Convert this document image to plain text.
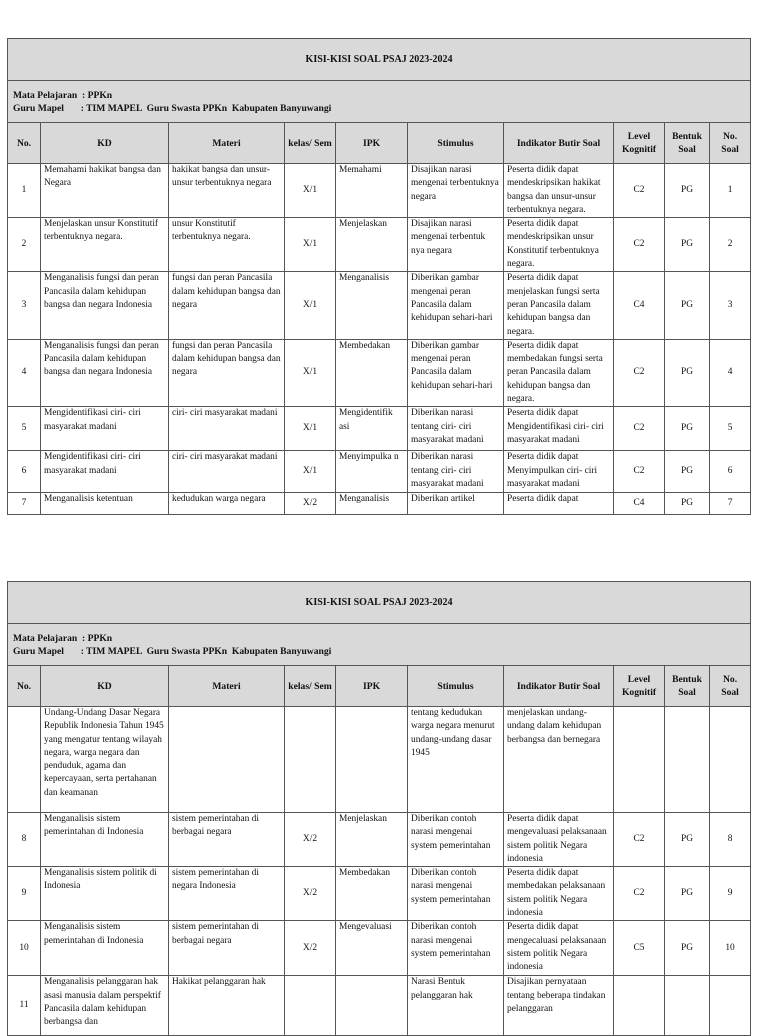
KISI-KISI SOAL PSAJ 2023-2024									

Mata Pelajaran  : PPKn
Guru Mapel       : TIM MAPEL  Guru Swasta PPKn  Kabupaten Banyuwangi									

No.	KD	Materi	kelas/ Sem	IPK	Stimulus	Indikator Butir Soal	Level Kognitif	Bentuk Soal	No. Soal
1	Memahami hakikat bangsa dan Negara	hakikat bangsa dan unsur-unsur terbentuknya negara	X/1	Memahami	Disajikan narasi mengenai terbentuknya negara	Peserta didik dapat mendeskripsikan hakikat bangsa dan unsur-unsur terbentuknya negara.	C2	PG	1
2	Menjelaskan unsur Konstitutif terbentuknya negara.	unsur Konstitutif terbentuknya negara.	X/1	Menjelaskan	Disajikan narasi mengenai terbentuk nya negara	Peserta didik dapat mendeskripsikan unsur Konstitutif terbentuknya negara.	C2	PG	2
3	Menganalisis fungsi dan peran Pancasila dalam kehidupan bangsa dan negara Indonesia	fungsi dan peran Pancasila dalam kehidupan bangsa dan negara	X/1	Menganalisis	Diberikan gambar mengenai peran Pancasila dalam kehidupan sehari-hari	Peserta didik dapat menjelaskan fungsi serta peran Pancasila dalam kehidupan bangsa dan negara.	C4	PG	3
4	Menganalisis fungsi dan peran Pancasila dalam kehidupan bangsa dan negara Indonesia	fungsi dan peran Pancasila dalam kehidupan bangsa dan negara	X/1	Membedakan	Diberikan gambar mengenai peran Pancasila dalam kehidupan sehari-hari	Peserta didik dapat membedakan fungsi serta peran Pancasila dalam kehidupan bangsa dan negara.	C2	PG	4
5	Mengidentifikasi ciri- ciri masyarakat madani	ciri- ciri masyarakat madani	X/1	Mengidentifik asi	Diberikan narasi tentang ciri- ciri masyarakat madani	Peserta didik dapat Mengidentifikasi ciri- ciri masyarakat madani	C2	PG	5
6	Mengidentifikasi ciri- ciri masyarakat madani	ciri- ciri masyarakat madani	X/1	Menyimpulka n	Diberikan narasi tentang ciri- ciri masyarakat madani	Peserta didik dapat Menyimpulkan ciri- ciri masyarakat madani	C2	PG	6
7	Menganalisis ketentuan	kedudukan warga negara	X/2	Menganalisis	Diberikan artikel	Peserta didik dapat	C4	PG	7
KISI-KISI SOAL PSAJ 2023-2024									

Mata Pelajaran  : PPKn
Guru Mapel       : TIM MAPEL  Guru Swasta PPKn  Kabupaten Banyuwangi									

No.	KD	Materi	kelas/ Sem	IPK	Stimulus	Indikator Butir Soal	Level Kognitif	Bentuk Soal	No. Soal
	Undang-Undang Dasar Negara Republik Indonesia Tahun 1945 yang mengatur tentang wilayah negara, warga negara dan penduduk, agama dan kepercayaan, serta pertahanan dan keamanan				tentang kedudukan warga negara menurut undang-undang dasar 1945	menjelaskan undang-undang dalam kehidupan berbangsa dan bernegara			
8	Menganalisis sistem pemerintahan di Indonesia	sistem pemerintahan di berbagai negara	X/2	Menjelaskan	Diberikan contoh narasi mengenai system pemerintahan	Peserta didik dapat mengevaluasi pelaksanaan sistem politik Negara indonesia	C2	PG	8
9	Menganalisis sistem politik di Indonesia	sistem pemerintahan di negara Indonesia	X/2	Membedakan	Diberikan contoh narasi mengenai system pemerintahan	Peserta didik dapat membedakan pelaksanaan sistem politik Negara indonesia	C2	PG	9
10	Menganalisis sistem pemerintahan di Indonesia	sistem pemerintahan di berbagai negara	X/2	Mengevaluasi	Diberikan contoh narasi mengenai system pemerintahan	Peserta didik dapat mengecaluasi pelaksanaan sistem politik Negara indonesia	C5	PG	10
11	Menganalisis pelanggaran hak asasi manusia dalam perspektif Pancasila dalam kehidupan berbangsa dan	Hakikat pelanggaran hak			Narasi Bentuk pelanggaran hak	Disajikan pernyataan tentang beberapa tindakan pelanggaran			
